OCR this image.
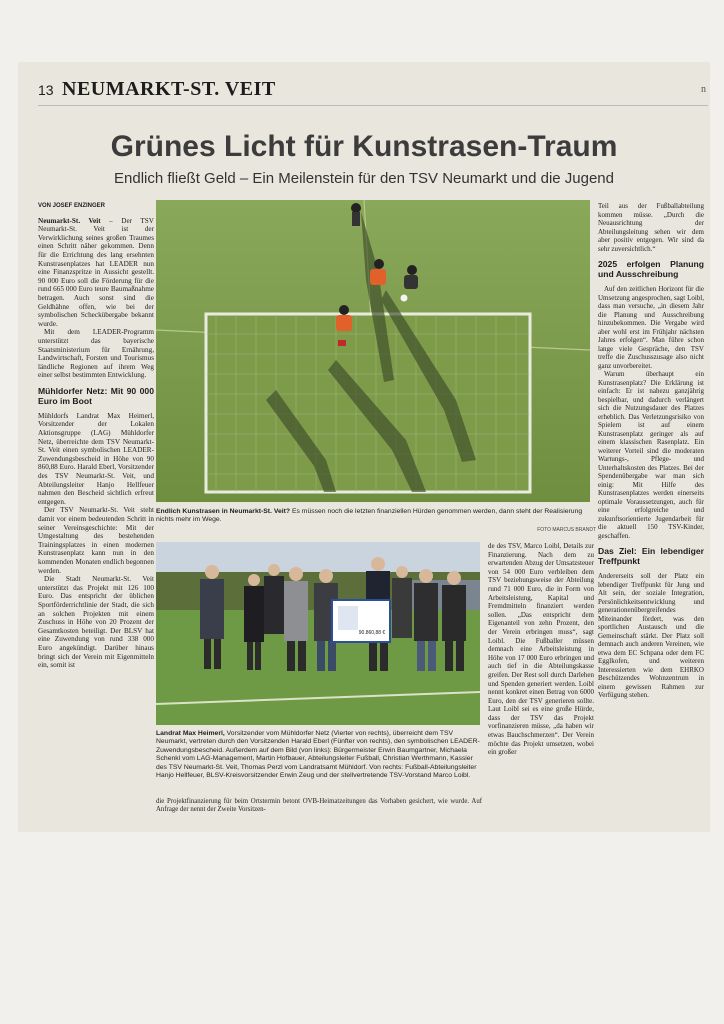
13 NEUMARKT-ST. VEIT	n
Grünes Licht für Kunstrasen-Traum
Endlich fließt Geld – Ein Meilenstein für den TSV Neumarkt und die Jugend
VON JOSEF ENZINGER

Neumarkt-St. Veit – Der TSV Neumarkt-St. Veit ist der Verwirklichung seines großen Traumes einen Schritt näher gekommen. Denn für die Errichtung des lang ersehnten Kunstrasenplatzes hat LEADER nun eine Finanzspritze in Aussicht gestellt. 90 000 Euro soll die Förderung für die rund 665 000 Euro teure Baumaßnahme betragen. Auch sonst sind die Geldhähne offen, wie bei der symbolischen Scheckübergabe bekannt wurde.

Mit dem LEADER-Programm unterstützt das bayerische Staatsministerium für Ernährung, Landwirtschaft, Forsten und Tourismus ländliche Regionen auf ihrem Weg einer selbst bestimmten Entwicklung.

Mühldorfer Netz: Mit 90 000 Euro im Boot

Mühldorfs Landrat Max Heimerl, Vorsitzender der Lokalen Aktionsgruppe (LAG) Mühldorfer Netz, überreichte dem TSV Neumarkt-St. Veit einen symbolischen LEADER-Zuwendungsbescheid in Höhe von 90 860,88 Euro. Harald Eberl, Vorsitzender des TSV Neumarkt-St. Veit, und Abteilungsleiter Hanjo Hellfeuer nahmen den Bescheid sichtlich erfreut entgegen.

Der TSV Neumarkt-St. Veit steht damit vor einem bedeutenden Schritt in seiner Vereinsgeschichte: Mit der Umgestaltung des bestehenden Trainingsplatzes in einen modernen Kunstrasenplatz kann nun in den kommenden Monaten endlich begonnen werden.

Die Stadt Neumarkt-St. Veit unterstützt das Projekt mit 126 100 Euro. Das entspricht der üblichen Sportförderrichtlinie der Stadt, die sich an solchen Projekten mit einem Zuschuss in Höhe von 20 Prozent der Gesamtkosten beteiligt. Der BLSV hat eine Zuwendung von rund 338 000 Euro angekündigt. Darüber hinaus bringt sich der Verein mit Eigenmitteln ein, somit ist

Endlich Kunstrasen in Neumarkt-St. Veit? Es müssen noch die letzten finanziellen Hürden genommen werden, dann steht der Realisierung nichts mehr im Wege.
FOTO MARCUS BRANDT
90.860,88 €
Landrat Max Heimerl, Vorsitzender vom Mühldorfer Netz (Vierter von rechts), überreicht dem TSV Neumarkt, vertreten durch den Vorsitzenden Harald Eberl (Fünfter von rechts), den symbolischen LEADER-Zuwendungsbescheid. Außerdem auf dem Bild (von links): Bürgermeister Erwin Baumgartner, Michaela Schenkl vom LAG-Management, Martin Hofbauer, Abteilungsleiter Fußball, Christian Werthmann, Kassier des TSV Neumarkt-St. Veit, Thomas Perzl vom Landratsamt Mühldorf. Von rechts: Fußball-Abteilungsleiter Hanjo Hellfeuer, BLSV-Kreisvorsitzender Erwin Zeug und der stellvertretende TSV-Vorstand Marco Loibl.
die Projektfinanzierung für beim Ortstermin betont OVB-Heimatzeitungen das Vorhaben gesichert, wie wurde. Auf Anfrage der nennt der Zweite Vorsitzen-
de des TSV, Marco Loibl, Details zur Finanzierung. Nach dem zu erwartenden Abzug der Umsatzsteuer von 54 000 Euro verbleiben dem TSV beziehungsweise der Abteilung rund 71 000 Euro, die in Form von Arbeitsleistung, Kapital und Fremdmitteln finanziert werden sollen. „Das entspricht dem Eigenanteil von zehn Prozent, den der Verein erbringen muss“, sagt Loibl. Die Fußballer müssen demnach eine Arbeitsleistung in Höhe von 17 000 Euro erbringen und auch tief in die Abteilungskasse greifen. Der Rest soll durch Darlehen und Spenden generiert werden. Loibl nennt konkret einen Betrag von 6000 Euro, den der TSV generieren sollte. Laut Loibl sei es eine große Hürde, dass der TSV das Projekt vorfinanzieren müsse, „da haben wir etwas Bauchschmerzen“. Der Verein möchte das Projekt umsetzen, wobei ein großer

Teil aus der Fußballabteilung kommen müsse. „Durch die Neuausrichtung der Abteilungsleitung sehen wir dem aber positiv entgegen. Wir sind da sehr zuversichtlich.“

2025 erfolgen Planung und Ausschreibung

Auf den zeitlichen Horizont für die Umsetzung angesprochen, sagt Loibl, dass man versuche, „in diesem Jahr die Planung und Ausschreibung hinzubekommen. Die Vergabe wird aber wohl erst im Frühjahr nächsten Jahres erfolgen“. Man führe schon lange viele Gespräche, den TSV treffe die Zuschusszusage also nicht ganz unvorbereitet.

Warum überhaupt ein Kunstrasenplatz? Die Erklärung ist einfach: Er ist nahezu ganzjährig bespielbar, und dadurch verlängert sich die Nutzungsdauer des Platzes erheblich. Das Verletzungsrisiko von Spielern ist auf einem Kunstrasenplatz geringer als auf einem klassischen Rasenplatz. Ein weiterer Vorteil sind die moderaten Wartungs-, Pflege- und Unterhaltskosten des Platzes. Bei der Spendenübergabe war man sich einig: Mit Hilfe des Kunstrasenplatzes werden einerseits optimale Voraussetzungen, auch für eine erfolgreiche und zukunftsorientierte Jugendarbeit für die aktuell 150 TSV-Kinder, geschaffen.

Das Ziel: Ein lebendiger Treffpunkt

Andererseits soll der Platz ein lebendiger Treffpunkt für Jung und Alt sein, der soziale Integration, Persönlichkeitsentwicklung und generationenübergreifendes Miteinander fördert, was den sportlichen Austausch und die Gemeinschaft stärkt. Der Platz soll demnach auch anderen Vereinen, wie etwa dem EC Schpana oder dem FC Egglkofen, und weiteren Interessierten wie dem EHRKO Beschützendes Wohnzentrum in einem gewissen Rahmen zur Verfügung stehen.
